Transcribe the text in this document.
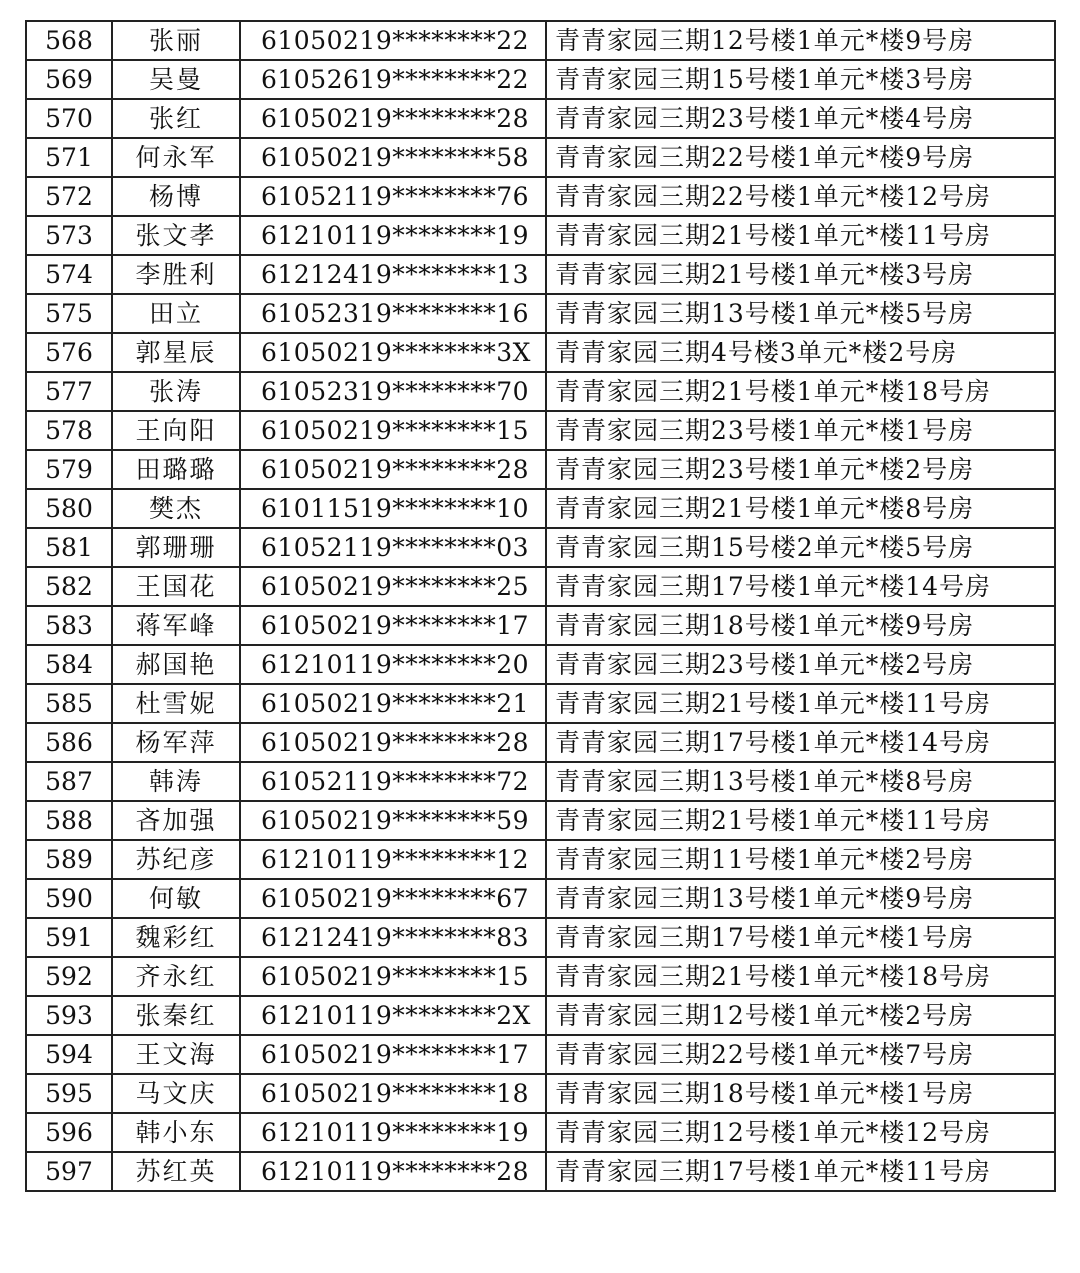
568	张丽	61050219********22	青青家园三期12号楼1单元*楼9号房
569	吴曼	61052619********22	青青家园三期15号楼1单元*楼3号房
570	张红	61050219********28	青青家园三期23号楼1单元*楼4号房
571	何永军	61050219********58	青青家园三期22号楼1单元*楼9号房
572	杨博	61052119********76	青青家园三期22号楼1单元*楼12号房
573	张文孝	61210119********19	青青家园三期21号楼1单元*楼11号房
574	李胜利	61212419********13	青青家园三期21号楼1单元*楼3号房
575	田立	61052319********16	青青家园三期13号楼1单元*楼5号房
576	郭星辰	61050219********3X	青青家园三期4号楼3单元*楼2号房
577	张涛	61052319********70	青青家园三期21号楼1单元*楼18号房
578	王向阳	61050219********15	青青家园三期23号楼1单元*楼1号房
579	田璐璐	61050219********28	青青家园三期23号楼1单元*楼2号房
580	樊杰	61011519********10	青青家园三期21号楼1单元*楼8号房
581	郭珊珊	61052119********03	青青家园三期15号楼2单元*楼5号房
582	王国花	61050219********25	青青家园三期17号楼1单元*楼14号房
583	蒋军峰	61050219********17	青青家园三期18号楼1单元*楼9号房
584	郝国艳	61210119********20	青青家园三期23号楼1单元*楼2号房
585	杜雪妮	61050219********21	青青家园三期21号楼1单元*楼11号房
586	杨军萍	61050219********28	青青家园三期17号楼1单元*楼14号房
587	韩涛	61052119********72	青青家园三期13号楼1单元*楼8号房
588	吝加强	61050219********59	青青家园三期21号楼1单元*楼11号房
589	苏纪彦	61210119********12	青青家园三期11号楼1单元*楼2号房
590	何敏	61050219********67	青青家园三期13号楼1单元*楼9号房
591	魏彩红	61212419********83	青青家园三期17号楼1单元*楼1号房
592	齐永红	61050219********15	青青家园三期21号楼1单元*楼18号房
593	张秦红	61210119********2X	青青家园三期12号楼1单元*楼2号房
594	王文海	61050219********17	青青家园三期22号楼1单元*楼7号房
595	马文庆	61050219********18	青青家园三期18号楼1单元*楼1号房
596	韩小东	61210119********19	青青家园三期12号楼1单元*楼12号房
597	苏红英	61210119********28	青青家园三期17号楼1单元*楼11号房
